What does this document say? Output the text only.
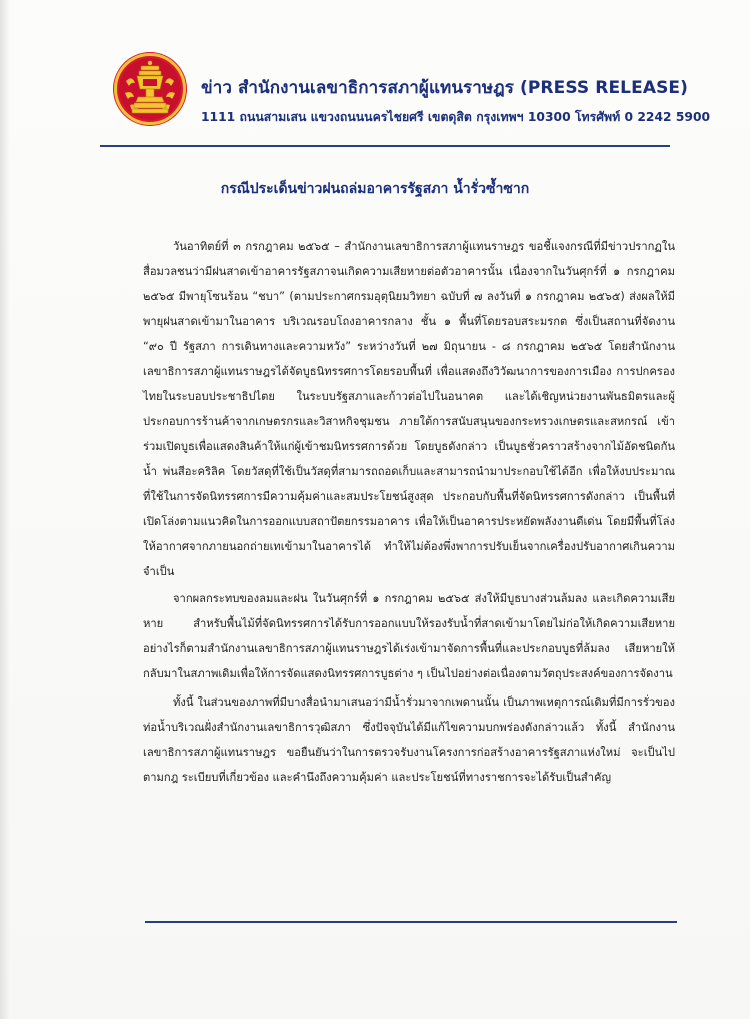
ข่าว สำนักงานเลขาธิการสภาผู้แทนราษฎร (PRESS RELEASE)
1111 ถนนสามเสน แขวงถนนนครไชยศรี เขตดุสิต กรุงเทพฯ 10300 โทรศัพท์ 0 2242 5900
กรณีประเด็นข่าวฝนถล่มอาคารรัฐสภา น้ำรั่วซ้ำซาก

วันอาทิตย์ที่ ๓ กรกฎาคม ๒๕๖๕ – สำนักงานเลขาธิการสภาผู้แทนราษฎร ขอชี้แจงกรณีที่มีข่าวปรากฏในสื่อมวลชนว่ามีฝนสาดเข้าอาคารรัฐสภาจนเกิดความเสียหายต่อตัวอาคารนั้น เนื่องจากในวันศุกร์ที่ ๑ กรกฎาคม ๒๕๖๕ มีพายุโซนร้อน “ชบา” (ตามประกาศกรมอุตุนิยมวิทยา ฉบับที่ ๗ ลงวันที่ ๑ กรกฎาคม ๒๕๖๕) ส่งผลให้มีพายุฝนสาดเข้ามาในอาคาร บริเวณรอบโถงอาคารกลาง ชั้น ๑ พื้นที่โดยรอบสระมรกต ซึ่งเป็นสถานที่จัดงาน “๙๐ ปี รัฐสภา การเดินทางและความหวัง” ระหว่างวันที่ ๒๗ มิถุนายน - ๘ กรกฎาคม ๒๕๖๕ โดยสำนักงานเลขาธิการสภาผู้แทนราษฎรได้จัดบูธนิทรรศการโดยรอบพื้นที่ เพื่อแสดงถึงวิวัฒนาการของการเมือง การปกครองไทยในระบอบประชาธิปไตย ในระบบรัฐสภาและก้าวต่อไปในอนาคต และได้เชิญหน่วยงานพันธมิตรและผู้ประกอบการร้านค้าจากเกษตรกรและวิสาหกิจชุมชน ภายใต้การสนับสนุนของกระทรวงเกษตรและสหกรณ์ เข้าร่วมเปิดบูธเพื่อแสดงสินค้าให้แก่ผู้เข้าชมนิทรรศการด้วย โดยบูธดังกล่าว เป็นบูธชั่วคราวสร้างจากไม้อัดชนิดกันน้ำ พ่นสีอะคริลิค โดยวัสดุที่ใช้เป็นวัสดุที่สามารถถอดเก็บและสามารถนำมาประกอบใช้ได้อีก เพื่อให้งบประมาณที่ใช้ในการจัดนิทรรศการมีความคุ้มค่าและสมประโยชน์สูงสุด ประกอบกับพื้นที่จัดนิทรรศการดังกล่าว เป็นพื้นที่เปิดโล่งตามแนวคิดในการออกแบบสถาปัตยกรรมอาคาร เพื่อให้เป็นอาคารประหยัดพลังงานดีเด่น โดยมีพื้นที่โล่งให้อากาศจากภายนอกถ่ายเทเข้ามาในอาคารได้ ทำให้ไม่ต้องพึ่งพาการปรับเย็นจากเครื่องปรับอากาศเกินความจำเป็น

จากผลกระทบของลมและฝน ในวันศุกร์ที่ ๑ กรกฎาคม ๒๕๖๕ ส่งให้มีบูธบางส่วนล้มลง และเกิดความเสียหาย สำหรับพื้นไม้ที่จัดนิทรรศการได้รับการออกแบบให้รองรับน้ำที่สาดเข้ามาโดยไม่ก่อให้เกิดความเสียหาย อย่างไรก็ตามสำนักงานเลขาธิการสภาผู้แทนราษฎรได้เร่งเข้ามาจัดการพื้นที่และประกอบบูธที่ล้มลง เสียหายให้กลับมาในสภาพเดิมเพื่อให้การจัดแสดงนิทรรศการบูธต่าง ๆ เป็นไปอย่างต่อเนื่องตามวัตถุประสงค์ของการจัดงาน

ทั้งนี้ ในส่วนของภาพที่มีบางสื่อนำมาเสนอว่ามีน้ำรั่วมาจากเพดานนั้น เป็นภาพเหตุการณ์เดิมที่มีการรั่วของท่อน้ำบริเวณฝั่งสำนักงานเลขาธิการวุฒิสภา ซึ่งปัจจุบันได้มีแก้ไขความบกพร่องดังกล่าวแล้ว ทั้งนี้ สำนักงานเลขาธิการสภาผู้แทนราษฎร ขอยืนยันว่าในการตรวจรับงานโครงการก่อสร้างอาคารรัฐสภาแห่งใหม่ จะเป็นไปตามกฎ ระเบียบที่เกี่ยวข้อง และคำนึงถึงความคุ้มค่า และประโยชน์ที่ทางราชการจะได้รับเป็นสำคัญ
